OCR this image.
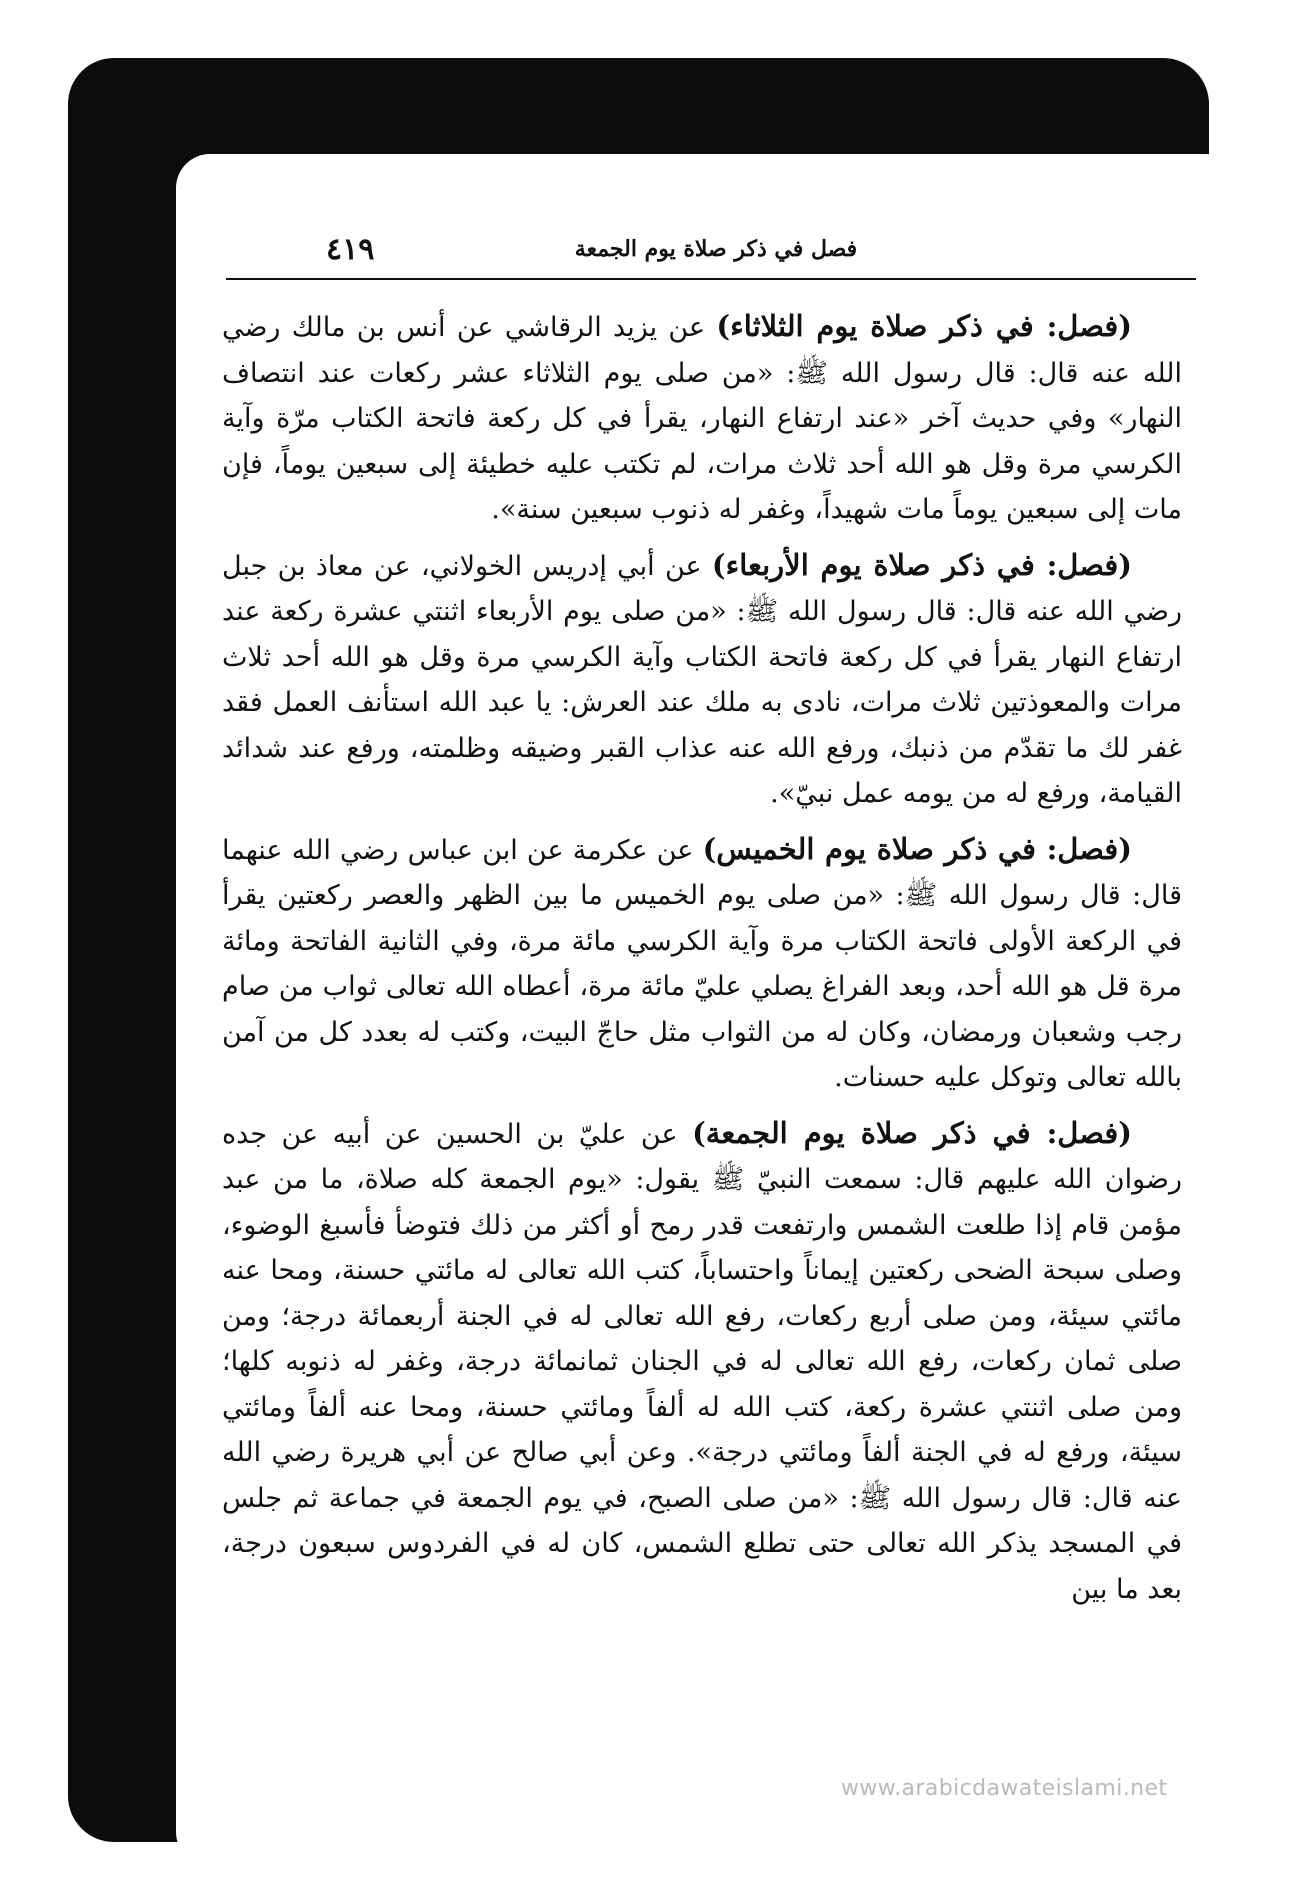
فصل في ذكر صلاة يوم الجمعة
٤١٩

(فصل: في ذكر صلاة يوم الثلاثاء) عن يزيد الرقاشي عن أنس بن مالك رضي الله عنه قال: قال رسول الله ﷺ: «من صلى يوم الثلاثاء عشر ركعات عند انتصاف النهار» وفي حديث آخر «عند ارتفاع النهار، يقرأ في كل ركعة فاتحة الكتاب مرّة وآية الكرسي مرة وقل هو الله أحد ثلاث مرات، لم تكتب عليه خطيئة إلى سبعين يوماً، فإن مات إلى سبعين يوماً مات شهيداً، وغفر له ذنوب سبعين سنة».

(فصل: في ذكر صلاة يوم الأربعاء) عن أبي إدريس الخولاني، عن معاذ بن جبل رضي الله عنه قال: قال رسول الله ﷺ: «من صلى يوم الأربعاء اثنتي عشرة ركعة عند ارتفاع النهار يقرأ في كل ركعة فاتحة الكتاب وآية الكرسي مرة وقل هو الله أحد ثلاث مرات والمعوذتين ثلاث مرات، نادى به ملك عند العرش: يا عبد الله استأنف العمل فقد غفر لك ما تقدّم من ذنبك، ورفع الله عنه عذاب القبر وضيقه وظلمته، ورفع عند شدائد القيامة، ورفع له من يومه عمل نبيّ».

(فصل: في ذكر صلاة يوم الخميس) عن عكرمة عن ابن عباس رضي الله عنهما قال: قال رسول الله ﷺ: «من صلى يوم الخميس ما بين الظهر والعصر ركعتين يقرأ في الركعة الأولى فاتحة الكتاب مرة وآية الكرسي مائة مرة، وفي الثانية الفاتحة ومائة مرة قل هو الله أحد، وبعد الفراغ يصلي عليّ مائة مرة، أعطاه الله تعالى ثواب من صام رجب وشعبان ورمضان، وكان له من الثواب مثل حاجّ البيت، وكتب له بعدد كل من آمن بالله تعالى وتوكل عليه حسنات.

(فصل: في ذكر صلاة يوم الجمعة) عن عليّ بن الحسين عن أبيه عن جده رضوان الله عليهم قال: سمعت النبيّ ﷺ يقول: «يوم الجمعة كله صلاة، ما من عبد مؤمن قام إذا طلعت الشمس وارتفعت قدر رمح أو أكثر من ذلك فتوضأ فأسبغ الوضوء، وصلى سبحة الضحى ركعتين إيماناً واحتساباً، كتب الله تعالى له مائتي حسنة، ومحا عنه مائتي سيئة، ومن صلى أربع ركعات، رفع الله تعالى له في الجنة أربعمائة درجة؛ ومن صلى ثمان ركعات، رفع الله تعالى له في الجنان ثمانمائة درجة، وغفر له ذنوبه كلها؛ ومن صلى اثنتي عشرة ركعة، كتب الله له ألفاً ومائتي حسنة، ومحا عنه ألفاً ومائتي سيئة، ورفع له في الجنة ألفاً ومائتي درجة». وعن أبي صالح عن أبي هريرة رضي الله عنه قال: قال رسول الله ﷺ: «من صلى الصبح، في يوم الجمعة في جماعة ثم جلس في المسجد يذكر الله تعالى حتى تطلع الشمس، كان له في الفردوس سبعون درجة، بعد ما بين

www.arabicdawateislami.net
